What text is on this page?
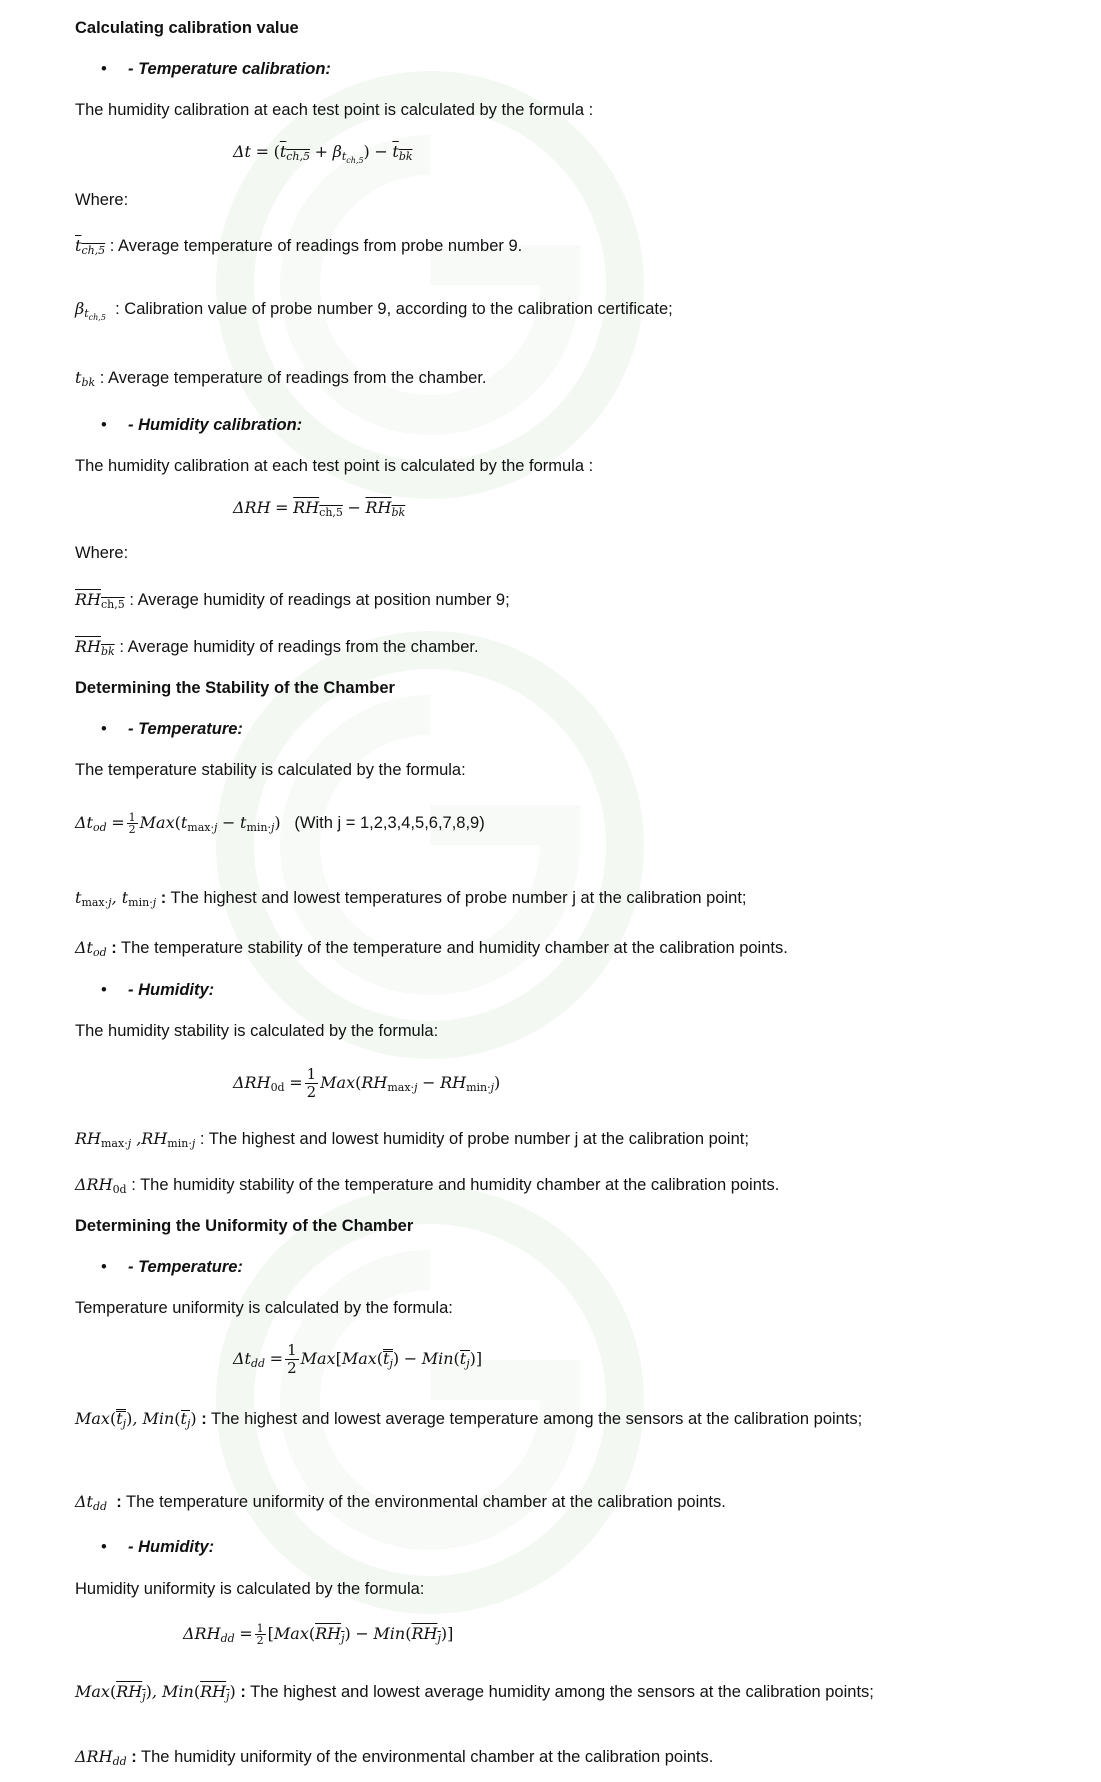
Calculating calibration value
• - Temperature calibration:
The humidity calibration at each test point is calculated by the formula :
$\Delta t = (t_{ch,5} + \beta_{t_{ch,5}}) - t_{bk}$
Where:
$t_{ch,5}$ : Average temperature of readings from probe number 9.
$\beta_{t_{ch,5}}$ : Calibration value of probe number 9, according to the calibration certificate;
$t_{bk}$ : Average temperature of readings from the chamber.
• - Humidity calibration:
The humidity calibration at each test point is calculated by the formula :
$\Delta RH = RH_{ch,5} - RH_{bk}$
Where:
$RH_{ch,5}$ : Average humidity of readings at position number 9;
$RH_{bk}$ : Average humidity of readings from the chamber.
Determining the Stability of the Chamber
• - Temperature:
The temperature stability is calculated by the formula:
$\Delta t_{od} = \frac{1}{2} Max(t_{max\cdot j} - t_{min\cdot j})$ (With j = 1,2,3,4,5,6,7,8,9)
$t_{max\cdot j}$, $t_{min\cdot j}$ : The highest and lowest temperatures of probe number j at the calibration point;
$\Delta t_{od}$ : The temperature stability of the temperature and humidity chamber at the calibration points.
• - Humidity:
The humidity stability is calculated by the formula:
$\Delta RH_{0d} = \frac{1}{2} Max(RH_{max\cdot j} - RH_{min\cdot j})$
$RH_{max\cdot j}$ $,RH_{min\cdot j}$ : The highest and lowest humidity of probe number j at the calibration point;
$\Delta RH_{0d}$ : The humidity stability of the temperature and humidity chamber at the calibration points.
Determining the Uniformity of the Chamber
• - Temperature:
Temperature uniformity is calculated by the formula:
$\Delta t_{dd} = \frac{1}{2} Max[Max(t_j) - Min(t_j)]$
$Max(t_j)$, $Min(t_j)$ : The highest and lowest average temperature among the sensors at the calibration points;
$\Delta t_{dd}$ : The temperature uniformity of the environmental chamber at the calibration points.
• - Humidity:
Humidity uniformity is calculated by the formula:
$\Delta RH_{dd} = \frac{1}{2} [Max(RH_j) - Min(RH_j)]$
$Max(RH_j)$, $Min(RH_j)$ : The highest and lowest average humidity among the sensors at the calibration points;
$\Delta RH_{dd}$ : The humidity uniformity of the environmental chamber at the calibration points.
